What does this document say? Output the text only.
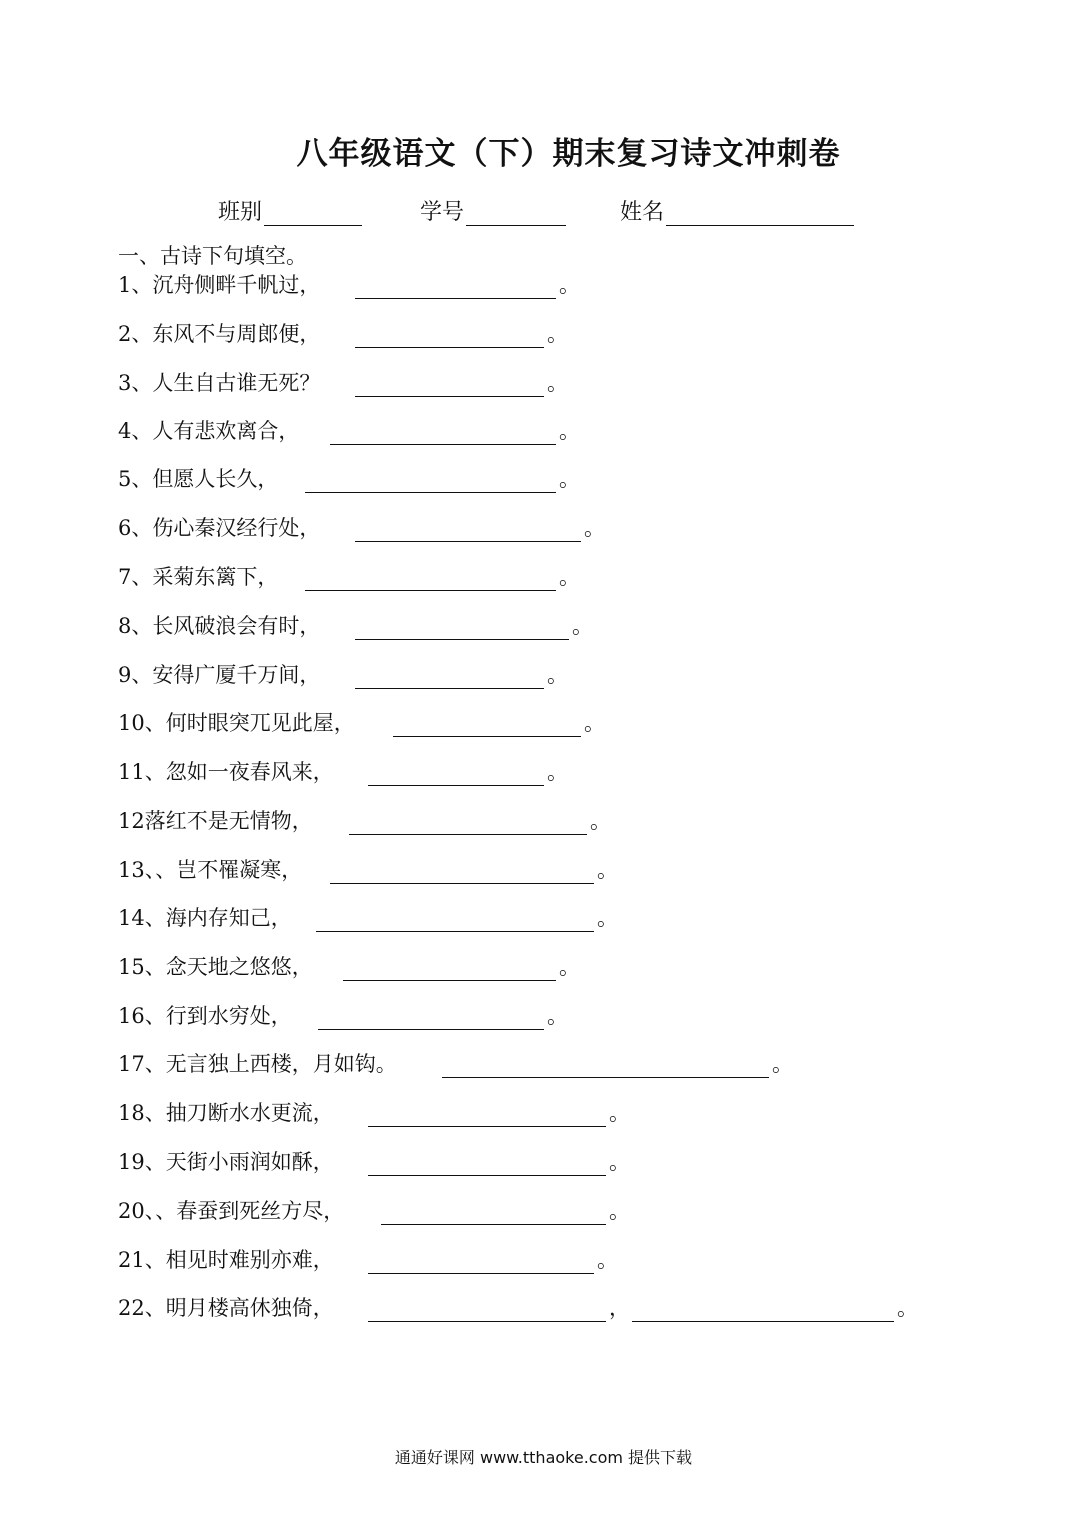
八年级语文（下）期末复习诗文冲刺卷
班别	学号	姓名
一、古诗下句填空。
1、沉舟侧畔千帆过，	。
2、东风不与周郎便，	。
3、人生自古谁无死？	。
4、人有悲欢离合，	。
5、但愿人长久，	。
6、伤心秦汉经行处，	。
7、采菊东篱下，	。
8、长风破浪会有时，	。
9、安得广厦千万间，	。
10、何时眼突兀见此屋，	。
11、忽如一夜春风来，	。
12落红不是无情物，	。
13、、岂不罹凝寒，	。
14、海内存知己，	。
15、念天地之悠悠，	。
16、行到水穷处，	。
17、无言独上西楼，月如钩。	。
18、抽刀断水水更流，	。
19、天街小雨润如酥，	。
20、、春蚕到死丝方尽，	。
21、相见时难别亦难，	。
22、明月楼高休独倚，	，	。
通通好课网 www.tthaoke.com 提供下载
